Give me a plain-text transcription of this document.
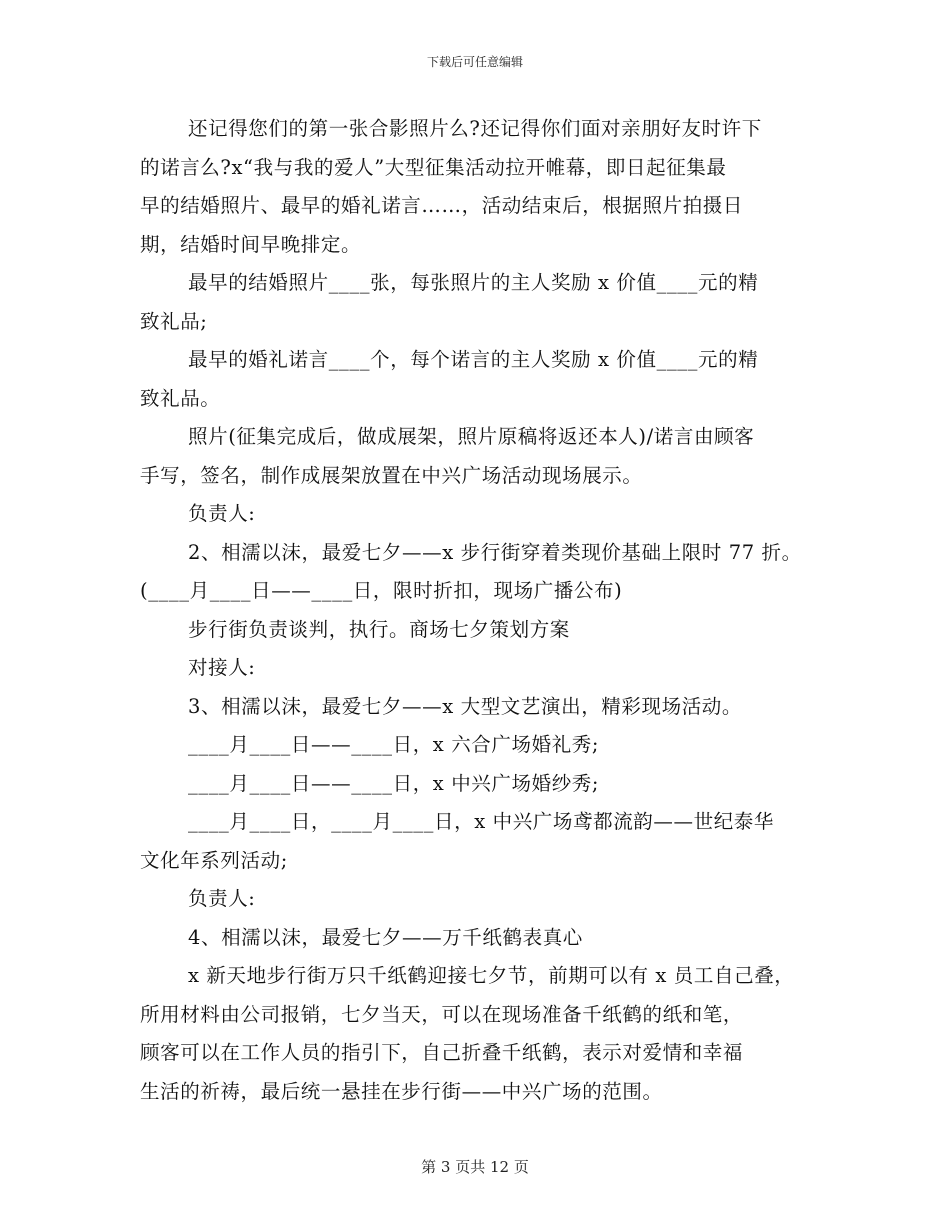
下载后可任意编辑
还记得您们的第一张合影照片么?还记得你们面对亲朋好友时许下
的诺言么?x“我与我的爱人”大型征集活动拉开帷幕，即日起征集最
早的结婚照片、最早的婚礼诺言……，活动结束后，根据照片拍摄日
期，结婚时间早晚排定。
最早的结婚照片____张，每张照片的主人奖励 x 价值____元的精
致礼品;
最早的婚礼诺言____个，每个诺言的主人奖励 x 价值____元的精
致礼品。
照片(征集完成后，做成展架，照片原稿将返还本人)/诺言由顾客
手写，签名，制作成展架放置在中兴广场活动现场展示。
负责人:
2、相濡以沫，最爱七夕——x 步行街穿着类现价基础上限时 77 折。
(____月____日——____日，限时折扣，现场广播公布)
步行街负责谈判，执行。商场七夕策划方案
对接人:
3、相濡以沫，最爱七夕——x 大型文艺演出，精彩现场活动。
____月____日——____日，x 六合广场婚礼秀;
____月____日——____日，x 中兴广场婚纱秀;
____月____日，____月____日，x 中兴广场鸢都流韵——世纪泰华
文化年系列活动;
负责人:
4、相濡以沫，最爱七夕——万千纸鹤表真心
x 新天地步行街万只千纸鹤迎接七夕节，前期可以有 x 员工自己叠，
所用材料由公司报销，七夕当天，可以在现场准备千纸鹤的纸和笔，
顾客可以在工作人员的指引下，自己折叠千纸鹤，表示对爱情和幸福
生活的祈祷，最后统一悬挂在步行街——中兴广场的范围。
第 3 页共 12 页
